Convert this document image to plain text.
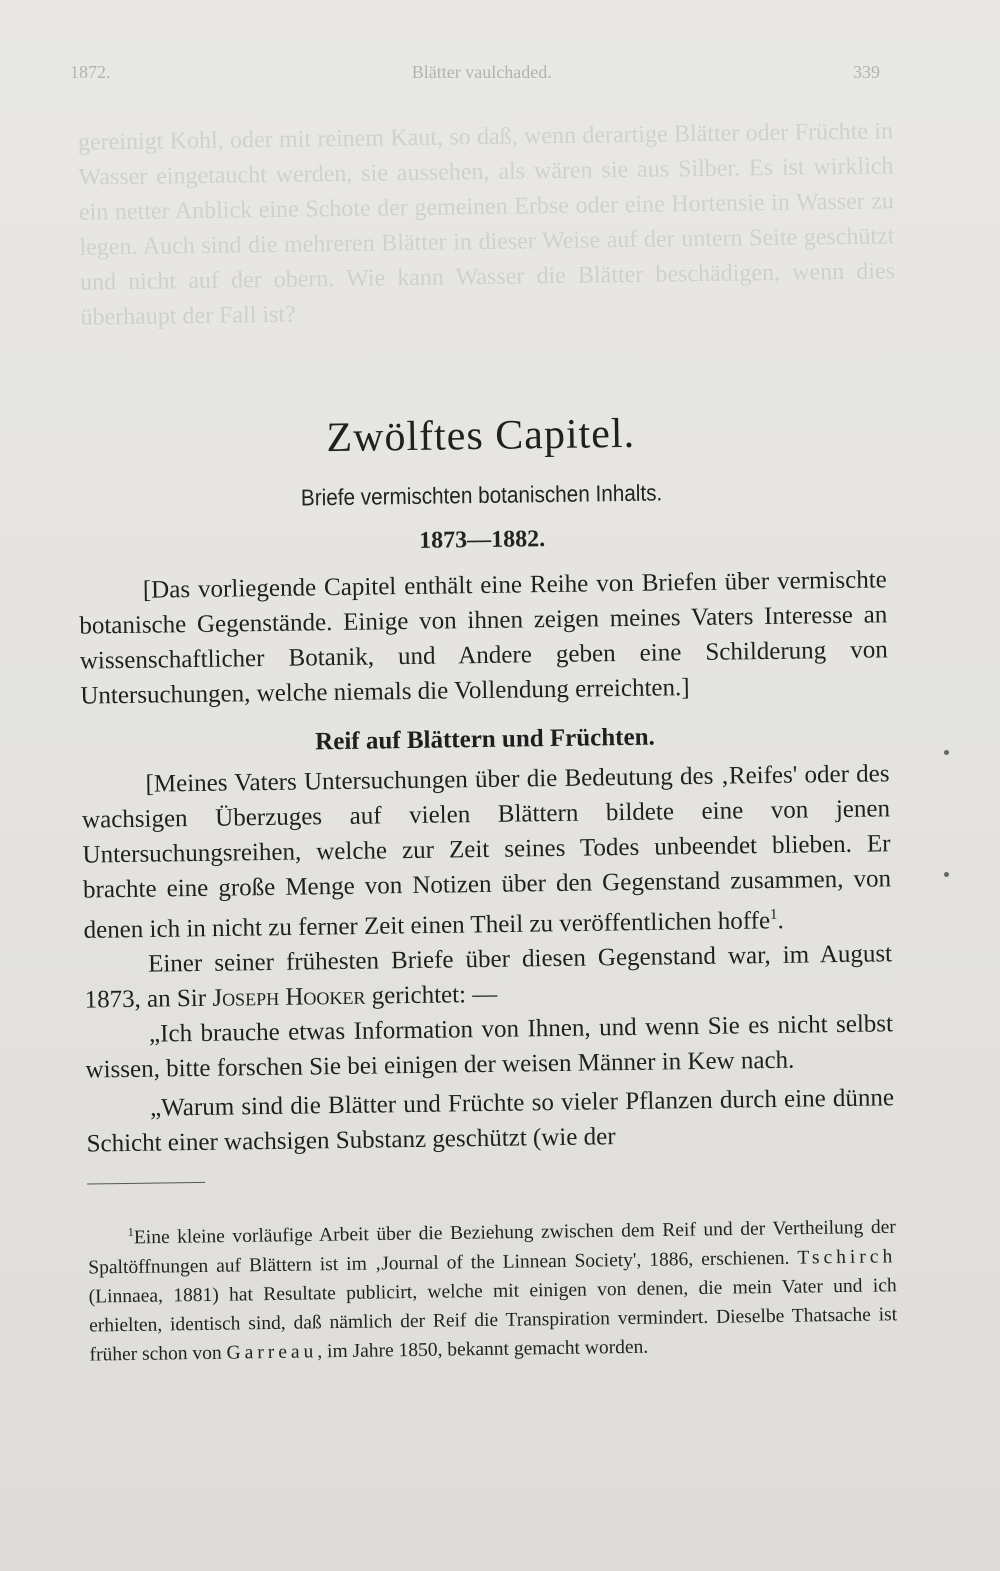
1872.	Blätter vaulchaded.	339
gereinigt Kohl, oder mit reinem Kaut, so daß, wenn derartige Blätter oder Früchte in Wasser eingetaucht werden, sie aussehen, als wären sie aus Silber. Es ist wirklich ein netter Anblick eine Schote der gemeinen Erbse oder eine Hortensie in Wasser zu legen. Auch sind die mehreren Blätter in dieser Weise auf der untern Seite geschützt und nicht auf der obern. Wie kann Wasser die Blätter beschädigen, wenn dies überhaupt der Fall ist?
Zwölftes Capitel.
Briefe vermischten botanischen Inhalts.
1873—1882.

[Das vorliegende Capitel enthält eine Reihe von Briefen über vermischte botanische Gegenstände. Einige von ihnen zeigen meines Vaters Interesse an wissenschaftlicher Botanik, und Andere geben eine Schilderung von Untersuchungen, welche niemals die Vollendung erreichten.]

Reif auf Blättern und Früchten.

[Meines Vaters Untersuchungen über die Bedeutung des ‚Reifes' oder des wachsigen Überzuges auf vielen Blättern bildete eine von jenen Untersuchungsreihen, welche zur Zeit seines Todes unbeendet blieben. Er brachte eine große Menge von Notizen über den Gegenstand zusammen, von denen ich in nicht zu ferner Zeit einen Theil zu veröffentlichen hoffe$^1$.

Einer seiner frühesten Briefe über diesen Gegenstand war, im August 1873, an Sir Joseph Hooker gerichtet: —

„Ich brauche etwas Information von Ihnen, und wenn Sie es nicht selbst wissen, bitte forschen Sie bei einigen der weisen Männer in Kew nach.

„Warum sind die Blätter und Früchte so vieler Pflanzen durch eine dünne Schicht einer wachsigen Substanz geschützt (wie der

$^1$Eine kleine vorläufige Arbeit über die Beziehung zwischen dem Reif und der Vertheilung der Spaltöffnungen auf Blättern ist im ‚Journal of the Linnean Society', 1886, erschienen. Tschirch (Linnaea, 1881) hat Resultate publicirt, welche mit einigen von denen, die mein Vater und ich erhielten, identisch sind, daß nämlich der Reif die Transpiration vermindert. Dieselbe Thatsache ist früher schon von Garreau, im Jahre 1850, bekannt gemacht worden.
